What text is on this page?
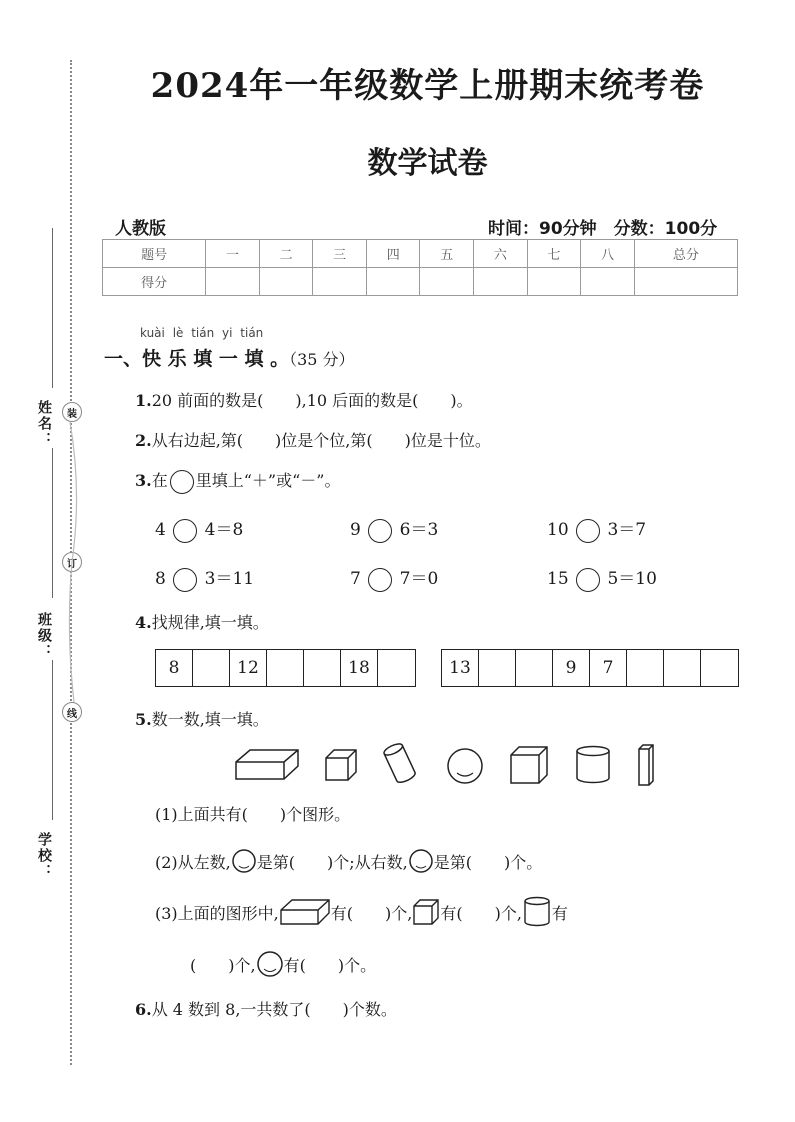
姓名：
班级：
学校：
装
订
线
2024年一年级数学上册期末统考卷
数学试卷
人教版	时间：90分钟　分数：100分
题号	一	二	三	四	五	六	七	八	总分
得分									
kuài lè tián yi tián
一、快 乐 填 一 填 。（35 分）
1.20 前面的数是(　　),10 后面的数是(　　)。
2.从右边起,第(　　)位是个位,第(　　)位是十位。
3.在 里填上“＋”或“－”。
4 4＝8	9 6＝3	10 3＝7
8 3＝11	7 7＝0	15 5＝10
4.找规律,填一填。
8	12	18	13	9	7
5.数一数,填一填。
(1)上面共有(　　)个图形。
(2)从左数, 是第(　　)个;从右数, 是第(　　)个。
(3)上面的图形中,	有(　　)个, 有(　　)个, 有
(　　)个, 有(　　)个。
6.从 4 数到 8,一共数了(　　)个数。
